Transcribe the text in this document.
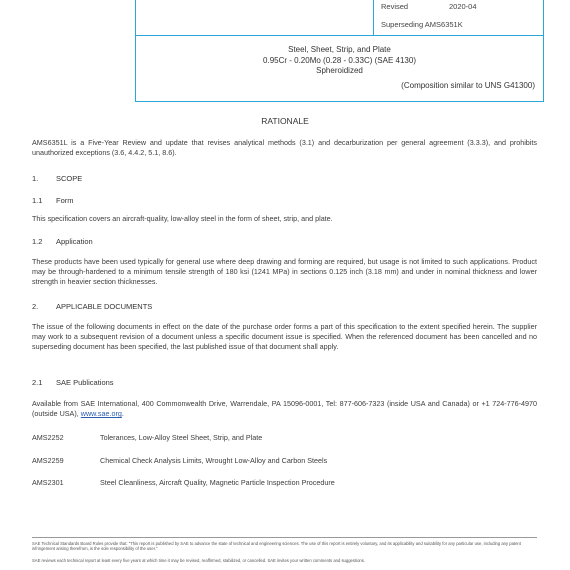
Revised	2020-04
Superseding AMS6351K
Steel, Sheet, Strip, and Plate
0.95Cr - 0.20Mo (0.28 - 0.33C) (SAE 4130)
Spheroidized
(Composition similar to UNS G41300)
RATIONALE
AMS6351L is a Five-Year Review and update that revises analytical methods (3.1) and decarburization per general agreement (3.3.3), and prohibits unauthorized exceptions (3.6, 4.4.2, 5.1, 8.6).
1. SCOPE
1.1 Form
This specification covers an aircraft-quality, low-alloy steel in the form of sheet, strip, and plate.
1.2 Application
These products have been used typically for general use where deep drawing and forming are required, but usage is not limited to such applications. Product may be through-hardened to a minimum tensile strength of 180 ksi (1241 MPa) in sections 0.125 inch (3.18 mm) and under in nominal thickness and lower strength in heavier section thicknesses.
2. APPLICABLE DOCUMENTS
The issue of the following documents in effect on the date of the purchase order forms a part of this specification to the extent specified herein. The supplier may work to a subsequent revision of a document unless a specific document issue is specified. When the referenced document has been cancelled and no superseding document has been specified, the last published issue of that document shall apply.
2.1 SAE Publications
Available from SAE International, 400 Commonwealth Drive, Warrendale, PA 15096-0001, Tel: 877-606-7323 (inside USA and Canada) or +1 724-776-4970 (outside USA), www.sae.org.
AMS2252	Tolerances, Low-Alloy Steel Sheet, Strip, and Plate
AMS2259	Chemical Check Analysis Limits, Wrought Low-Alloy and Carbon Steels
AMS2301	Steel Cleanliness, Aircraft Quality, Magnetic Particle Inspection Procedure
SAE Technical Standards Board Rules provide that: "This report is published by SAE to advance the state of technical and engineering sciences. The use of this report is entirely voluntary, and its applicability and suitability for any particular use, including any patent infringement arising therefrom, is the sole responsibility of the user."
SAE reviews each technical report at least every five years at which time it may be revised, reaffirmed, stabilized, or cancelled. SAE invites your written comments and suggestions.
